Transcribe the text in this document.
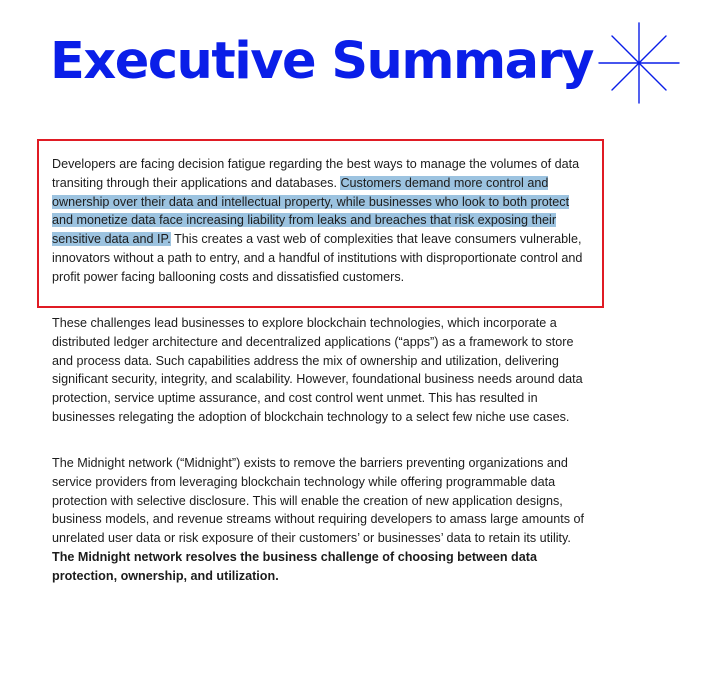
Executive Summary

Developers are facing decision fatigue regarding the best ways to manage the volumes of data transiting through their applications and databases. Customers demand more control and ownership over their data and intellectual property, while businesses who look to both protect and monetize data face increasing liability from leaks and breaches that risk exposing their sensitive data and IP. This creates a vast web of complexities that leave consumers vulnerable, innovators without a path to entry, and a handful of institutions with disproportionate control and profit power facing ballooning costs and dissatisfied customers.

These challenges lead businesses to explore blockchain technologies, which incorporate a distributed ledger architecture and decentralized applications (“apps”) as a framework to store and process data. Such capabilities address the mix of ownership and utilization, delivering significant security, integrity, and scalability. However, foundational business needs around data protection, service uptime assurance, and cost control went unmet. This has resulted in businesses relegating the adoption of blockchain technology to a select few niche use cases.

The Midnight network (“Midnight”) exists to remove the barriers preventing organizations and service providers from leveraging blockchain technology while offering programmable data protection with selective disclosure. This will enable the creation of new application designs, business models, and revenue streams without requiring developers to amass large amounts of unrelated user data or risk exposure of their customers’ or businesses’ data to retain its utility. The Midnight network resolves the business challenge of choosing between data protection, ownership, and utilization.
